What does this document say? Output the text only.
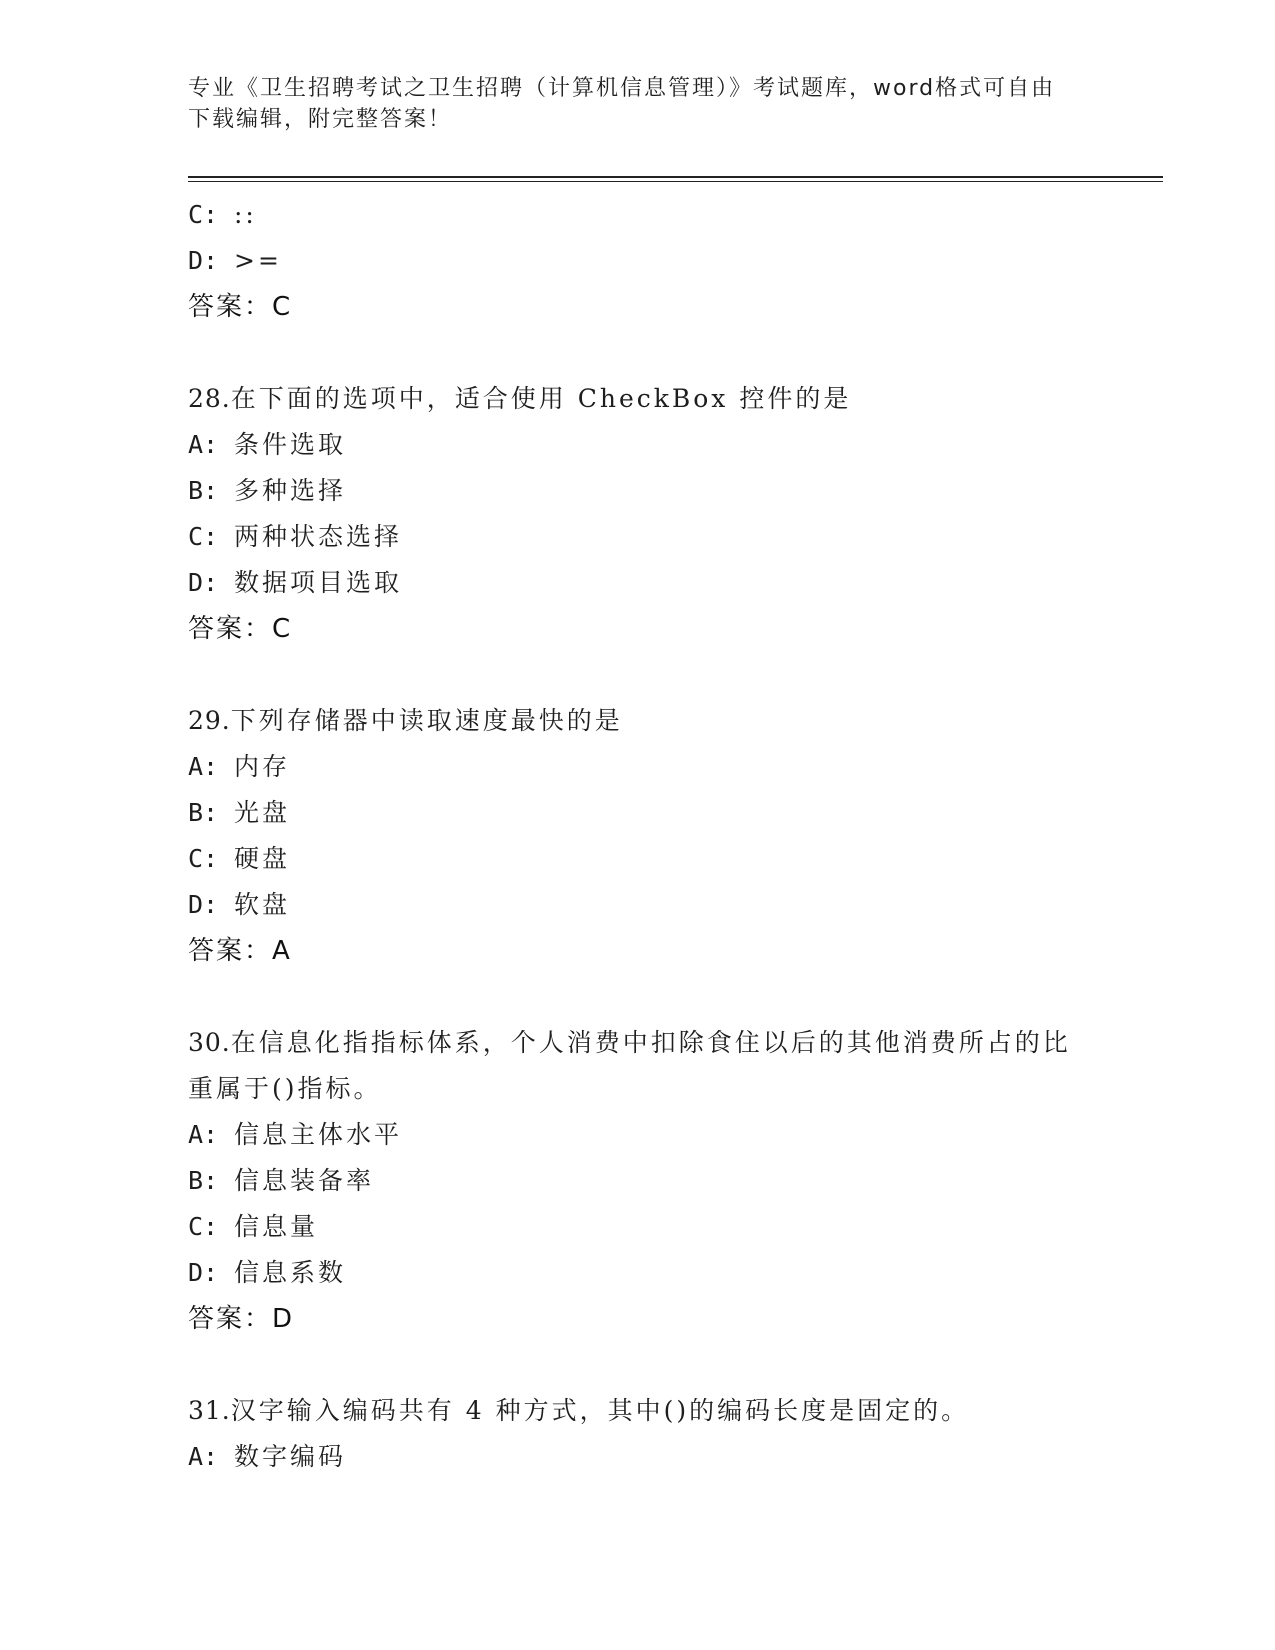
专业《卫生招聘考试之卫生招聘（计算机信息管理）》考试题库，word格式可自由下载编辑，附完整答案！
C: ::
D: >=
答案：C
28.在下面的选项中，适合使用 CheckBox 控件的是
A: 条件选取
B: 多种选择
C: 两种状态选择
D: 数据项目选取
答案：C
29.下列存储器中读取速度最快的是
A: 内存
B: 光盘
C: 硬盘
D: 软盘
答案：A
30.在信息化指指标体系，个人消费中扣除食住以后的其他消费所占的比重属于()指标。
A: 信息主体水平
B: 信息装备率
C: 信息量
D: 信息系数
答案：D
31.汉字输入编码共有 4 种方式，其中()的编码长度是固定的。
A: 数字编码
